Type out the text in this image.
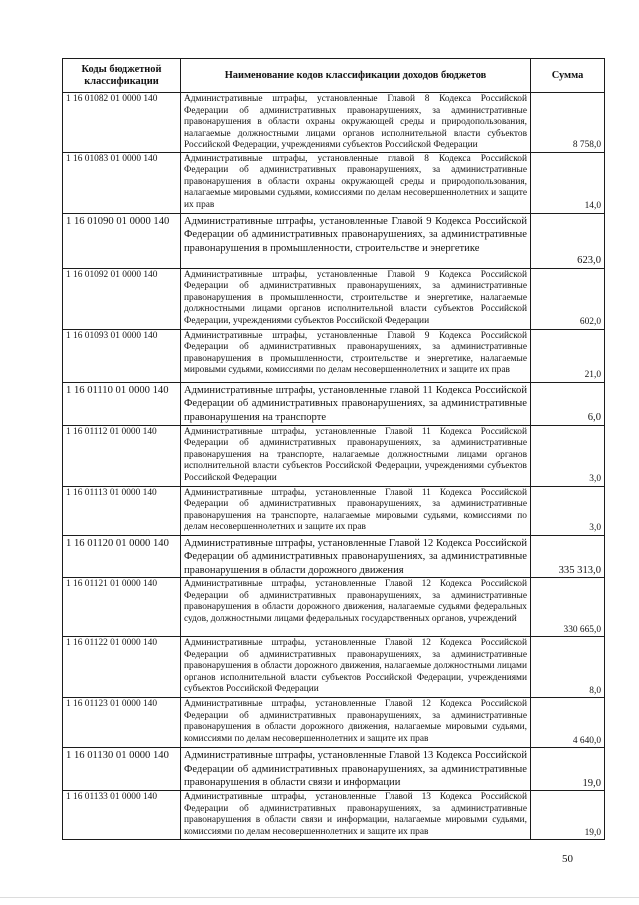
Коды бюджетной классификации	Наименование кодов классификации доходов бюджетов	Сумма
1 16 01082 01 0000 140	Административные штрафы, установленные Главой 8 Кодекса Российской Федерации об административных правонарушениях, за административные правонарушения в области охраны окружающей среды и природопользования, налагаемые должностными лицами органов исполнительной власти субъектов Российской Федерации, учреждениями субъектов Российской Федерации	8 758,0
1 16 01083 01 0000 140	Административные штрафы, установленные главой 8 Кодекса Российской Федерации об административных правонарушениях, за административные правонарушения в области охраны окружающей среды и природопользования, налагаемые мировыми судьями, комиссиями по делам несовершеннолетних и защите их прав	14,0
1 16 01090 01 0000 140	Административные штрафы, установленные Главой 9 Кодекса Российской Федерации об административных правонарушениях, за административные правонарушения в промышленности, строительстве и энергетике	623,0
1 16 01092 01 0000 140	Административные штрафы, установленные Главой 9 Кодекса Российской Федерации об административных правонарушениях, за административные правонарушения в промышленности, строительстве и энергетике, налагаемые должностными лицами органов исполнительной власти субъектов Российской Федерации, учреждениями субъектов Российской Федерации	602,0
1 16 01093 01 0000 140	Административные штрафы, установленные Главой 9 Кодекса Российской Федерации об административных правонарушениях, за административные правонарушения в промышленности, строительстве и энергетике, налагаемые мировыми судьями, комиссиями по делам несовершеннолетних и защите их прав	21,0
1 16 01110 01 0000 140	Административные штрафы, установленные главой 11 Кодекса Российской Федерации об административных правонарушениях, за административные правонарушения на транспорте	6,0
1 16 01112 01 0000 140	Административные штрафы, установленные Главой 11 Кодекса Российской Федерации об административных правонарушениях, за административные правонарушения на транспорте, налагаемые должностными лицами органов исполнительной власти субъектов Российской Федерации, учреждениями субъектов Российской Федерации	3,0
1 16 01113 01 0000 140	Административные штрафы, установленные Главой 11 Кодекса Российской Федерации об административных правонарушениях, за административные правонарушения на транспорте, налагаемые мировыми судьями, комиссиями по делам несовершеннолетних и защите их прав	3,0
1 16 01120 01 0000 140	Административные штрафы, установленные Главой 12 Кодекса Российской Федерации об административных правонарушениях, за административные правонарушения в области дорожного движения	335 313,0
1 16 01121 01 0000 140	Административные штрафы, установленные Главой 12 Кодекса Российской Федерации об административных правонарушениях, за административные правонарушения в области дорожного движения, налагаемые судьями федеральных судов, должностными лицами федеральных государственных органов, учреждений	330 665,0
1 16 01122 01 0000 140	Административные штрафы, установленные Главой 12 Кодекса Российской Федерации об административных правонарушениях, за административные правонарушения в области дорожного движения, налагаемые должностными лицами органов исполнительной власти субъектов Российской Федерации, учреждениями субъектов Российской Федерации	8,0
1 16 01123 01 0000 140	Административные штрафы, установленные Главой 12 Кодекса Российской Федерации об административных правонарушениях, за административные правонарушения в области дорожного движения, налагаемые мировыми судьями, комиссиями по делам несовершеннолетних и защите их прав	4 640,0
1 16 01130 01 0000 140	Административные штрафы, установленные Главой 13 Кодекса Российской Федерации об административных правонарушениях, за административные правонарушения в области связи и информации	19,0
1 16 01133 01 0000 140	Административные штрафы, установленные Главой 13 Кодекса Российской Федерации об административных правонарушениях, за административные правонарушения в области связи и информации, налагаемые мировыми судьями, комиссиями по делам несовершеннолетних и защите их прав	19,0
50
